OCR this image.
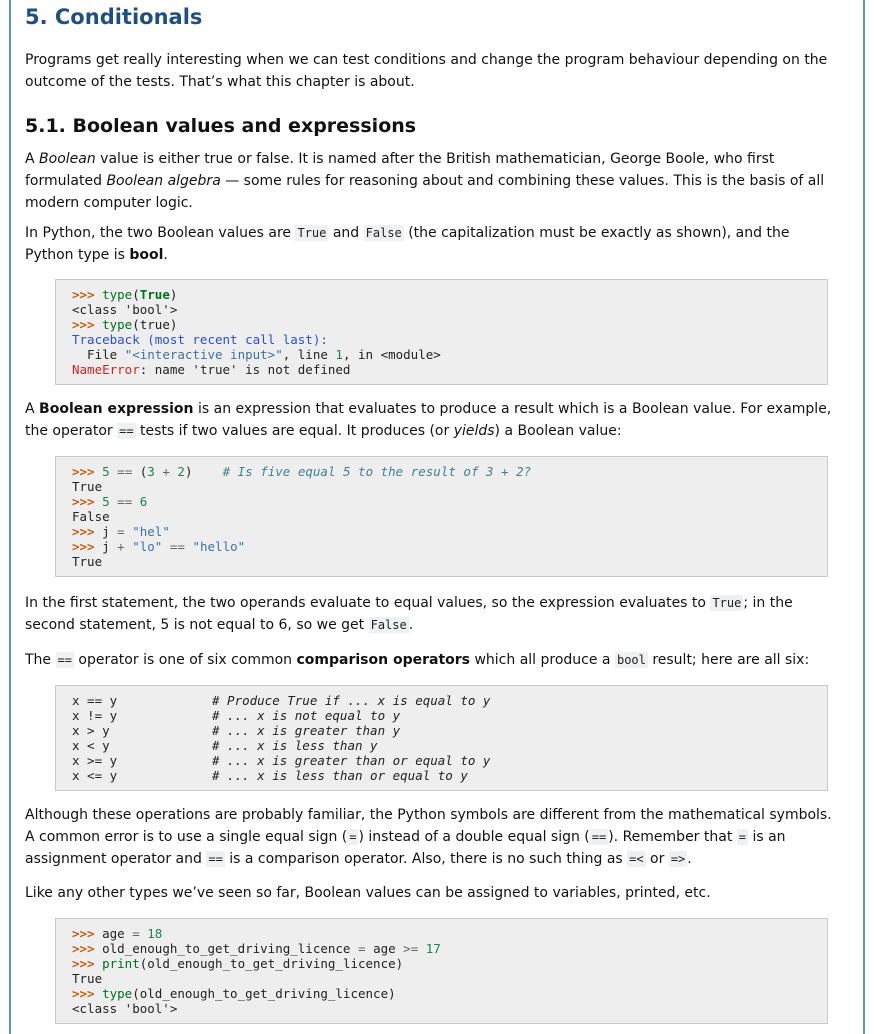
5. Conditionals

Programs get really interesting when we can test conditions and change the program behaviour depending on the outcome of the tests. That’s what this chapter is about.

5.1. Boolean values and expressions

A Boolean value is either true or false. It is named after the British mathematician, George Boole, who first formulated Boolean algebra — some rules for reasoning about and combining these values. This is the basis of all modern computer logic.

In Python, the two Boolean values are True and False (the capitalization must be exactly as shown), and the Python type is bool.

>>> type(True)
<class 'bool'>
>>> type(true)
Traceback (most recent call last):
File "<interactive input>", line 1, in <module>
NameError: name 'true' is not defined

A Boolean expression is an expression that evaluates to produce a result which is a Boolean value. For example, the operator == tests if two values are equal. It produces (or yields) a Boolean value:

>>> 5 == (3 + 2) # Is five equal 5 to the result of 3 + 2?
True
>>> 5 == 6
False
>>> j = "hel"
>>> j + "lo" == "hello"
True

In the first statement, the two operands evaluate to equal values, so the expression evaluates to True ; in the second statement, 5 is not equal to 6, so we get False .

The == operator is one of six common comparison operators which all produce a bool result; here are all six:

x == y
x != y
x > y
x < y
x >= y
x <= y
# Produce True if ... x is equal to y
# ... x is not equal to y
# ... x is greater than y
# ... x is less than y
# ... x is greater than or equal to y
# ... x is less than or equal to y

Although these operations are probably familiar, the Python symbols are different from the mathematical symbols. A common error is to use a single equal sign ( = ) instead of a double equal sign ( == ). Remember that = is an assignment operator and == is a comparison operator. Also, there is no such thing as =< or => .

Like any other types we’ve seen so far, Boolean values can be assigned to variables, printed, etc.

>>> age = 18
>>> old_enough_to_get_driving_licence = age >= 17
>>> print(old_enough_to_get_driving_licence)
True
>>> type(old_enough_to_get_driving_licence)
<class 'bool'>
